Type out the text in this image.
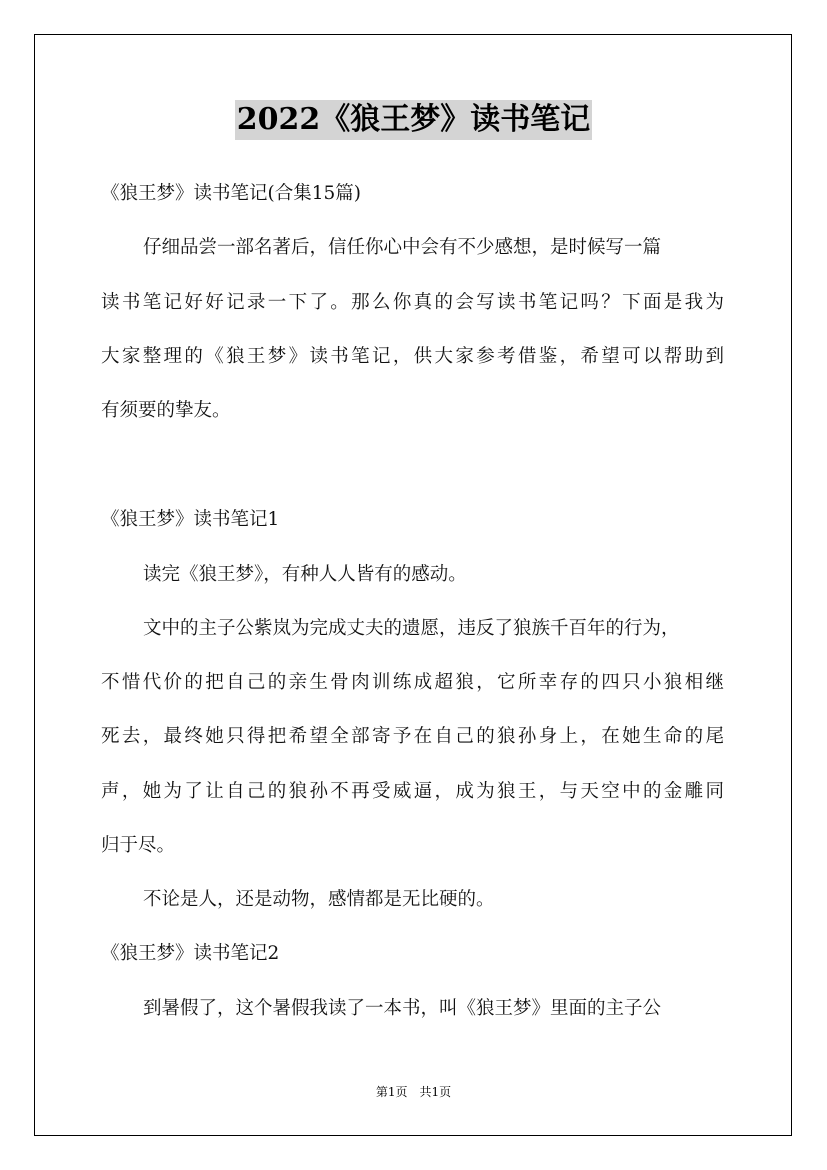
2022《狼王梦》读书笔记
《狼王梦》读书笔记(合集15篇)
仔细品尝一部名著后，信任你心中会有不少感想，是时候写一篇
读书笔记好好记录一下了。那么你真的会写读书笔记吗？下面是我为
大家整理的《狼王梦》读书笔记，供大家参考借鉴，希望可以帮助到
有须要的挚友。
《狼王梦》读书笔记1
读完《狼王梦》，有种人人皆有的感动。
文中的主子公紫岚为完成丈夫的遗愿，违反了狼族千百年的行为，
不惜代价的把自己的亲生骨肉训练成超狼，它所幸存的四只小狼相继
死去，最终她只得把希望全部寄予在自己的狼孙身上，在她生命的尾
声，她为了让自己的狼孙不再受威逼，成为狼王，与天空中的金雕同
归于尽。
不论是人，还是动物，感情都是无比硬的。
《狼王梦》读书笔记2
到暑假了，这个暑假我读了一本书，叫《狼王梦》里面的主子公
第1页　共1页
